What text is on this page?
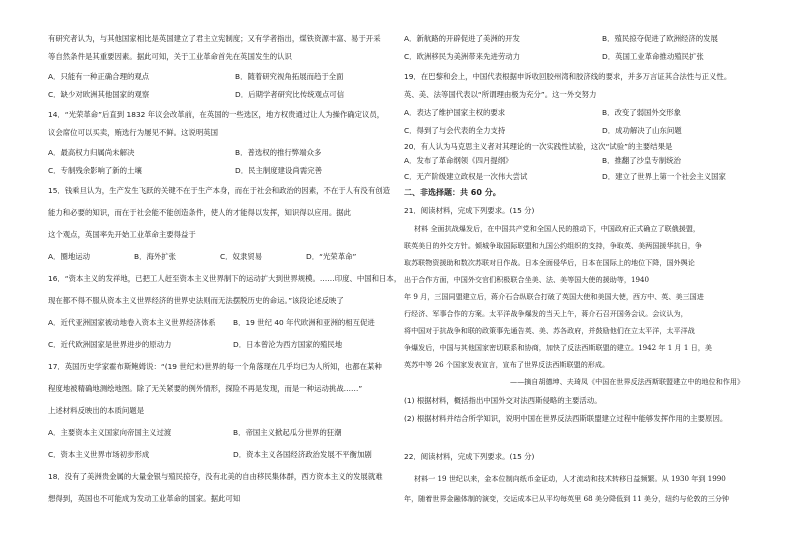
有研究者认为，与其他国家相比是英国建立了君主立宪制度；又有学者指出，煤铁资源丰富、易于开采
等自然条件是其重要因素。据此可知，关于工业革命首先在英国发生的认识
A．只能有一种正确合理的观点	B．随着研究视角拓展而趋于全面
C．缺少对欧洲其他国家的观察	D．后期学者研究比传统观点可信
14．“光荣革命”后直到 1832 年议会改革前，在英国的一些选区，地方权贵通过让人为操作确定议员，
议会席位可以买卖，贿选行为屡见不鲜。这说明英国
A．最高权力归属尚未解决	B．普选权的推行弊端众多
C．专制残余影响了新的土壤	D．民主制度建设尚需完善
15．钱乘旦认为，生产发生飞跃的关键不在于生产本身，而在于社会和政治的因素，不在于人有没有创造
能力和必要的知识，而在于社会能不能创造条件，使人的才能得以发挥，知识得以应用。据此
这个观点，英国率先开始工业革命主要得益于
A．圈地运动	B．海外扩张	C．奴隶贸易	D．“光荣革命”
16．“资本主义的发祥地，已把工人赶至资本主义世界制下的运动扩大到世界规模。……印度、中国和日本，
现在都不得不服从资本主义世界经济的世界史法则而无法摆脱历史的命运。”该段论述反映了
A．近代亚洲国家被动地卷入资本主义世界经济体系 B．19 世纪 40 年代欧洲和亚洲的相互促进
C．近代欧洲国家是世界进步的原动力	D．日本曾沦为西方国家的殖民地
17．英国历史学家霍布斯鲍姆说：“(19 世纪末)世界的每一个角落现在几乎均已为人所知，也都在某种
程度地被精确地测绘地图。除了无关紧要的例外情形，探险不再是发现，而是一种运动挑战……”
上述材料反映出的本质问题是
A．主要资本主义国家向帝国主义过渡	B．帝国主义掀起瓜分世界的狂潮
C．资本主义世界市场初步形成	D．资本主义各国经济政治发展不平衡加剧
18．没有了美洲贵金属的大量金银与殖民掠夺，没有北美的自由移民集体群，西方资本主义的发展就难
想得到，英国也不可能成为发动工业革命的国家。据此可知
A．新航路的开辟促进了美洲的开发	B．殖民掠夺促进了欧洲经济的发展
C．欧洲移民为美洲带来先进劳动力	D．英国工业革命推动殖民扩张
19．在巴黎和会上，中国代表根据申诉收回胶州湾和胶济线的要求，并多万言证其合法性与正义性。
英、美、法等国代表以“所谓理由极为充分”。这一外交努力
A．表达了维护国家主权的要求	B．改变了弱国外交形象
C．得到了与会代表的全力支持	D．成功解决了山东问题
20．有人认为马克思主义者对其理论的一次实践性试验，这次“试验”的主要结果是
A．发布了革命纲领《四月提纲》	B．推翻了沙皇专制统治
C．无产阶级建立政权是一次伟大尝试	D．建立了世界上第一个社会主义国家
二、非选择题：共 60 分。
21．阅读材料，完成下列要求。(15 分)
材料 全面抗战爆发后，在中国共产党和全国人民的推动下，中国政府正式确立了联俄援盟，
联英美日的外交方针。倾城争取国际联盟和九国公约组织的支持，争取英、美两国援华抗日，争
取苏联物资援助和数次苏联对日作战。日本全面侵华后，日本在国际上的地位下降，国外舆论
出于合作方面，中国外交官们积极联合坐美、法、美等国大使的援助等，1940
年 9 月，三国同盟建立后，蒋介石合纵联合打破了英国大使和美国大使，西方中、英、美三国进
行经济、军事合作的方案。太平洋战争爆发的当天上午，蒋介石召开国务会议。会议认为，
将中国对于抗战争和联的政策事先通告英、美、苏各政府，并鼓励他们在立太平洋，太平洋战
争爆发后，中国与其他国家密切联系和协商，加快了反法西斯联盟的建立。1942 年 1 月 1 日，美
英苏中等 26 个国家发表宣言，宣布了世界反法西斯联盟的形成。
——摘自胡德坤、夫琦凤《中国在世界反法西斯联盟建立中的地位和作用》
(1) 根据材料，概括指出中国外交对法西斯侵略的主要活动。
(2) 根据材料并结合所学知识，说明中国在世界反法西斯联盟建立过程中能够发挥作用的主要原因。
22．阅读材料，完成下列要求。(15 分)
材料一 19 世纪以来，金本位制向纸币金证动，人才流动和技术转移日益频繁。从 1930 年到 1990
年，随着世界金融体制的演变，交运成本已从平均每英里 68 美分降低到 11 美分，纽约与伦敦的三分钟
